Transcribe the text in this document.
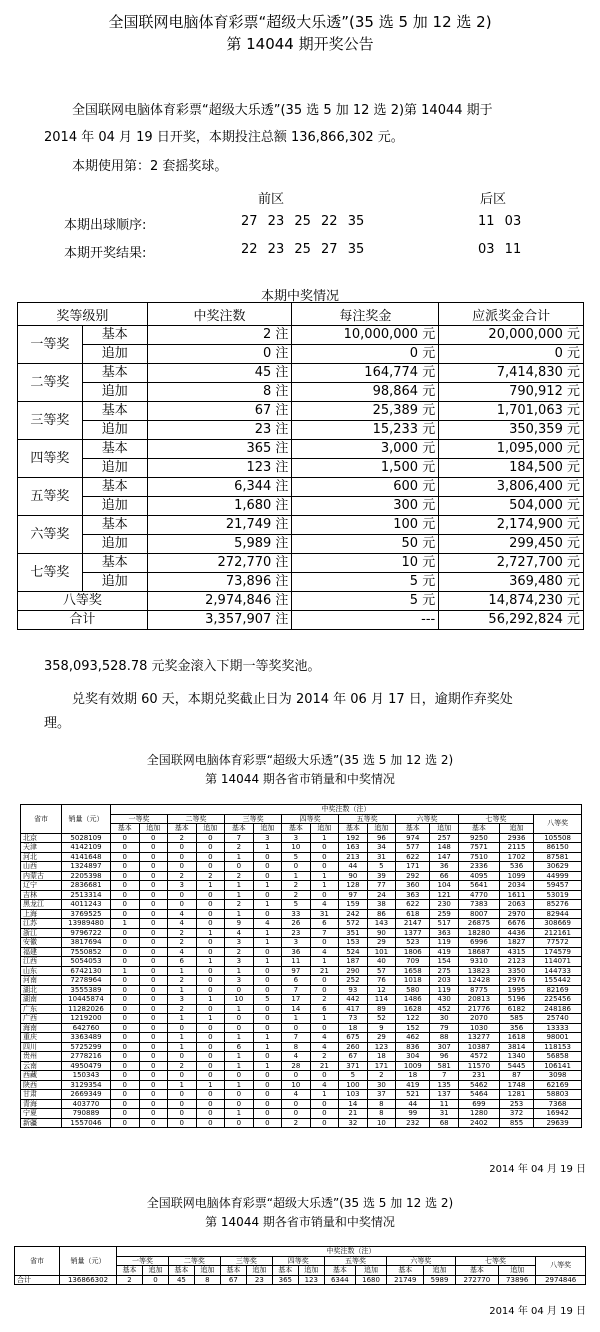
全国联网电脑体育彩票“超级大乐透”(35 选 5 加 12 选 2)
第 14044 期开奖公告
全国联网电脑体育彩票“超级大乐透”(35 选 5 加 12 选 2)第 14044 期于
2014 年 04 月 19 日开奖，本期投注总额 136,866,302 元。
本期使用第：2 套摇奖球。
前区	后区
本期出球顺序:	27 23 25 22 35	11 03
本期开奖结果:	22 23 25 27 35	03 11
本期中奖情况
奖等级别		中奖注数	每注奖金	应派奖金合计
一等奖	基本	2 注	10,000,000 元	20,000,000 元
	追加	0 注	0 元	0 元
二等奖	基本	45 注	164,774 元	7,414,830 元
	追加	8 注	98,864 元	790,912 元
三等奖	基本	67 注	25,389 元	1,701,063 元
	追加	23 注	15,233 元	350,359 元
四等奖	基本	365 注	3,000 元	1,095,000 元
	追加	123 注	1,500 元	184,500 元
五等奖	基本	6,344 注	600 元	3,806,400 元
	追加	1,680 注	300 元	504,000 元
六等奖	基本	21,749 注	100 元	2,174,900 元
	追加	5,989 注	50 元	299,450 元
七等奖	基本	272,770 注	10 元	2,727,700 元
	追加	73,896 注	5 元	369,480 元
八等奖		2,974,846 注	5 元	14,874,230 元
合计		3,357,907 注	---	56,292,824 元
358,093,528.78 元奖金滚入下期一等奖奖池。
兑奖有效期 60 天，本期兑奖截止日为 2014 年 06 月 17 日，逾期作弃奖处
理。
全国联网电脑体育彩票“超级大乐透”(35 选 5 加 12 选 2)
第 14044 期各省市销量和中奖情况
省市	销量（元）	中奖注数（注）														
		一等奖		二等奖		三等奖		四等奖		五等奖		六等奖		七等奖		八等奖
		基本	追加	基本	追加	基本	追加	基本	追加	基本	追加	基本	追加	基本	追加	
北京	5028109	0	0	2	0	7	3	3	1	192	96	974	257	9250	2936	105508
天津	4142109	0	0	0	0	2	1	10	0	163	34	577	148	7571	2115	86150
河北	4141648	0	0	0	0	1	0	5	0	213	31	622	147	7510	1702	87581
山西	1324897	0	0	0	0	0	0	0	0	44	5	171	36	2336	536	30629
内蒙古	2205398	0	0	2	2	2	0	1	1	90	39	292	66	4095	1099	44999
辽宁	2836681	0	0	3	1	1	1	2	1	128	77	360	104	5641	2034	59457
吉林	2513314	0	0	0	0	1	0	2	0	97	24	363	121	4770	1611	53019
黑龙江	4011243	0	0	0	0	2	1	5	4	159	38	622	230	7383	2063	85276
上海	3769525	0	0	4	0	1	0	33	31	242	86	618	259	8007	2970	82944
江苏	13989480	1	0	4	0	9	4	26	6	572	143	2147	517	26875	6676	308669
浙江	9796722	0	0	2	1	4	1	23	7	351	90	1377	363	18280	4436	212161
安徽	3817694	0	0	2	0	3	1	3	0	153	29	523	119	6996	1827	77572
福建	7550852	0	0	4	0	2	0	36	4	524	101	1806	419	18687	4315	174579
江西	5054053	0	0	6	1	3	1	11	1	187	40	709	154	9310	2123	114071
山东	6742130	1	0	1	0	1	0	97	21	290	57	1658	275	13823	3350	144733
河南	7278964	0	0	2	0	3	0	6	0	252	76	1018	203	12428	2976	155442
湖北	3555389	0	0	1	0	0	0	7	0	93	12	580	119	8775	1995	82169
湖南	10445874	0	0	3	1	10	5	17	2	442	114	1486	430	20813	5196	225456
广东	11282026	0	0	2	0	1	0	14	6	417	89	1628	452	21776	6182	248186
广西	1219200	0	0	1	1	0	0	1	1	73	52	122	30	2070	585	25740
海南	642760	0	0	0	0	0	0	0	0	18	9	152	79	1030	356	13333
重庆	3363489	0	0	1	0	1	1	7	4	675	29	462	88	13277	1618	98001
四川	5725299	0	0	1	0	6	1	8	4	260	123	836	307	10387	3814	118153
贵州	2778216	0	0	0	0	1	0	4	2	67	18	304	96	4572	1340	56858
云南	4950479	0	0	2	0	1	1	28	21	371	171	1009	581	11570	5445	106141
西藏	150343	0	0	0	0	0	0	0	0	5	2	18	7	231	87	3098
陕西	3129354	0	0	1	1	1	0	10	4	100	30	419	135	5462	1748	62169
甘肃	2669349	0	0	0	0	0	0	4	1	103	37	521	137	5464	1281	58803
青海	403770	0	0	0	0	0	0	0	0	14	8	44	11	699	253	7368
宁夏	790889	0	0	0	0	1	0	0	0	21	8	99	31	1280	372	16942
新疆	1557046	0	0	0	0	0	0	2	0	32	10	232	68	2402	855	29639
2014 年 04 月 19 日
全国联网电脑体育彩票“超级大乐透”(35 选 5 加 12 选 2)
第 14044 期各省市销量和中奖情况
省市	销量（元）	中奖注数（注）														
		一等奖		二等奖		三等奖		四等奖		五等奖		六等奖		七等奖		八等奖
		基本	追加	基本	追加	基本	追加	基本	追加	基本	追加	基本	追加	基本	追加	
合计	136866302	2	0	45	8	67	23	365	123	6344	1680	21749	5989	272770	73896	2974846
2014 年 04 月 19 日
